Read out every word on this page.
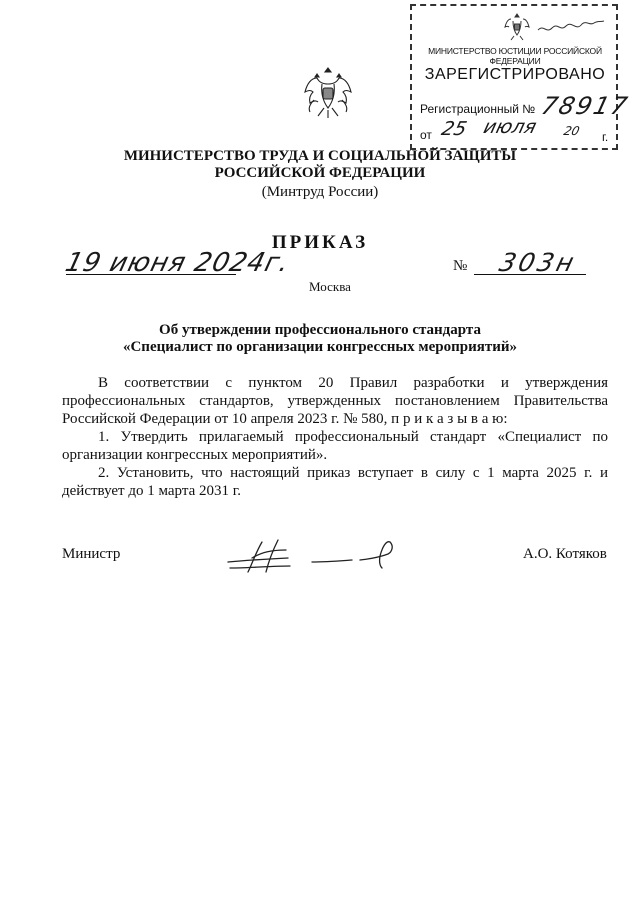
МИНИСТЕРСТВО ЮСТИЦИИ РОССИЙСКОЙ ФЕДЕРАЦИИ
ЗАРЕГИСТРИРОВАНО
Регистрационный № 78917
от 25 июля 20 г.
МИНИСТЕРСТВО ТРУДА И СОЦИАЛЬНОЙ ЗАЩИТЫ
РОССИЙСКОЙ ФЕДЕРАЦИИ
(Минтруд России)
ПРИКАЗ
19 июня 2024г.	№ 303н
Москва
Об утверждении профессионального стандарта
«Специалист по организации конгрессных мероприятий»

В соответствии с пунктом 20 Правил разработки и утверждения профессиональных стандартов, утвержденных постановлением Правительства Российской Федерации от 10 апреля 2023 г. № 580, п р и к а з ы в а ю:

1. Утвердить прилагаемый профессиональный стандарт «Специалист по организации конгрессных мероприятий».

2. Установить, что настоящий приказ вступает в силу с 1 марта 2025 г. и действует до 1 марта 2031 г.

Министр	А.О. Котяков
